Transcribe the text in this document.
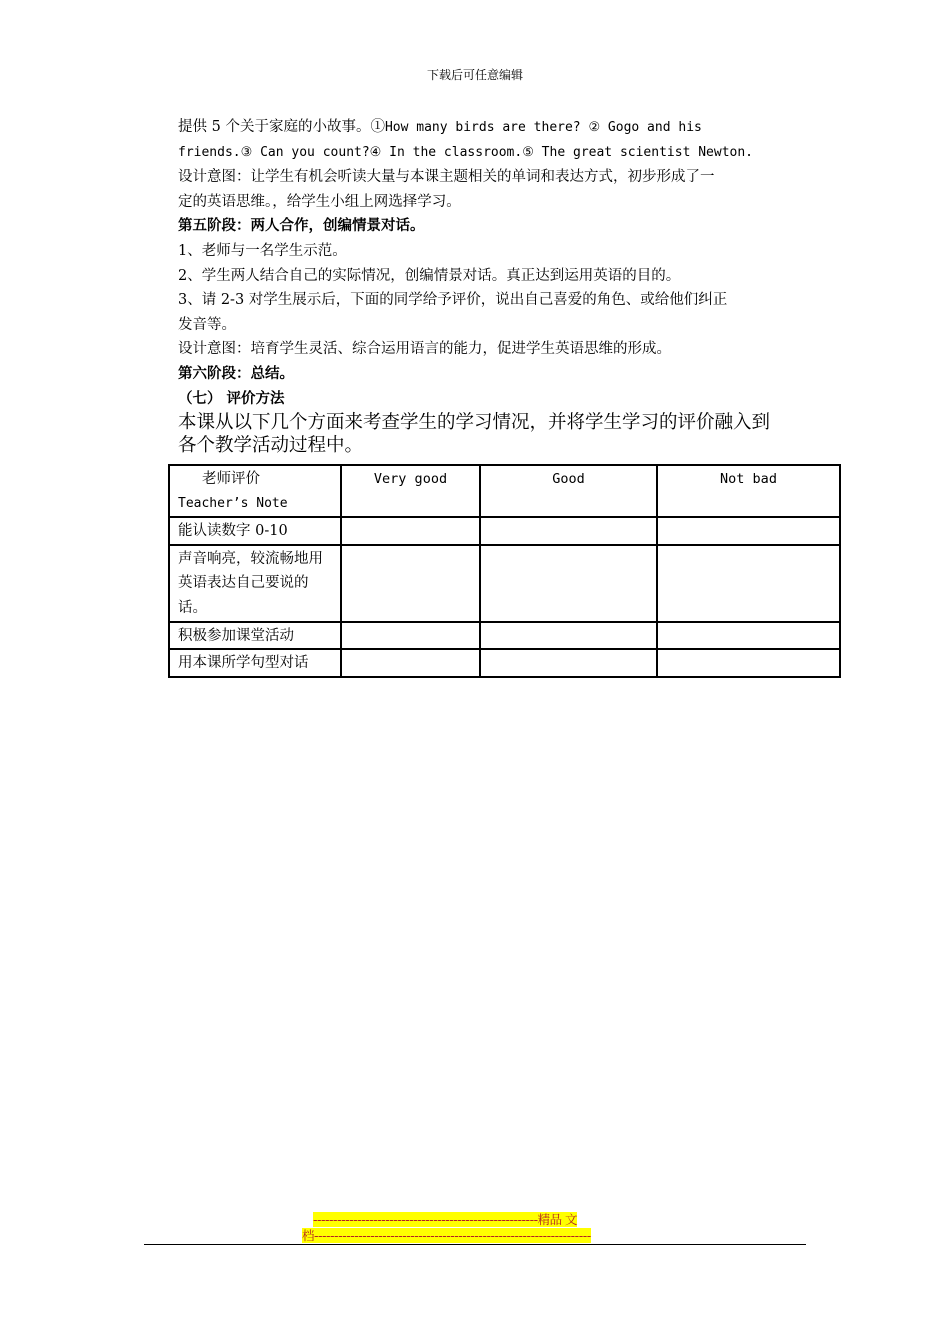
下载后可任意编辑
提供 5 个关于家庭的小故事。①How many birds are there? ② Gogo and his
friends.③ Can you count?④ In the classroom.⑤ The great scientist Newton.
设计意图：让学生有机会听读大量与本课主题相关的单词和表达方式，初步形成了一
定的英语思维。，给学生小组上网选择学习。
第五阶段：两人合作，创编情景对话。
1、老师与一名学生示范。
2、学生两人结合自己的实际情况，创编情景对话。真正达到运用英语的目的。
3、请 2-3 对学生展示后，下面的同学给予评价，说出自己喜爱的角色、或给他们纠正
发音等。
设计意图：培育学生灵活、综合运用语言的能力，促进学生英语思维的形成。
第六阶段：总结。
（七） 评价方法
本课从以下几个方面来考查学生的学习情况，并将学生学习的评价融入到
各个教学活动过程中。
老师评价
Teacher’s Note	Very good	Good	Not bad
能认读数字 0-10			
声音响亮，较流畅地用英语表达自己要说的话。			
积极参加课堂活动			
用本课所学句型对话			
--------------------------------------------------------精品 文
档---------------------------------------------------------------------
